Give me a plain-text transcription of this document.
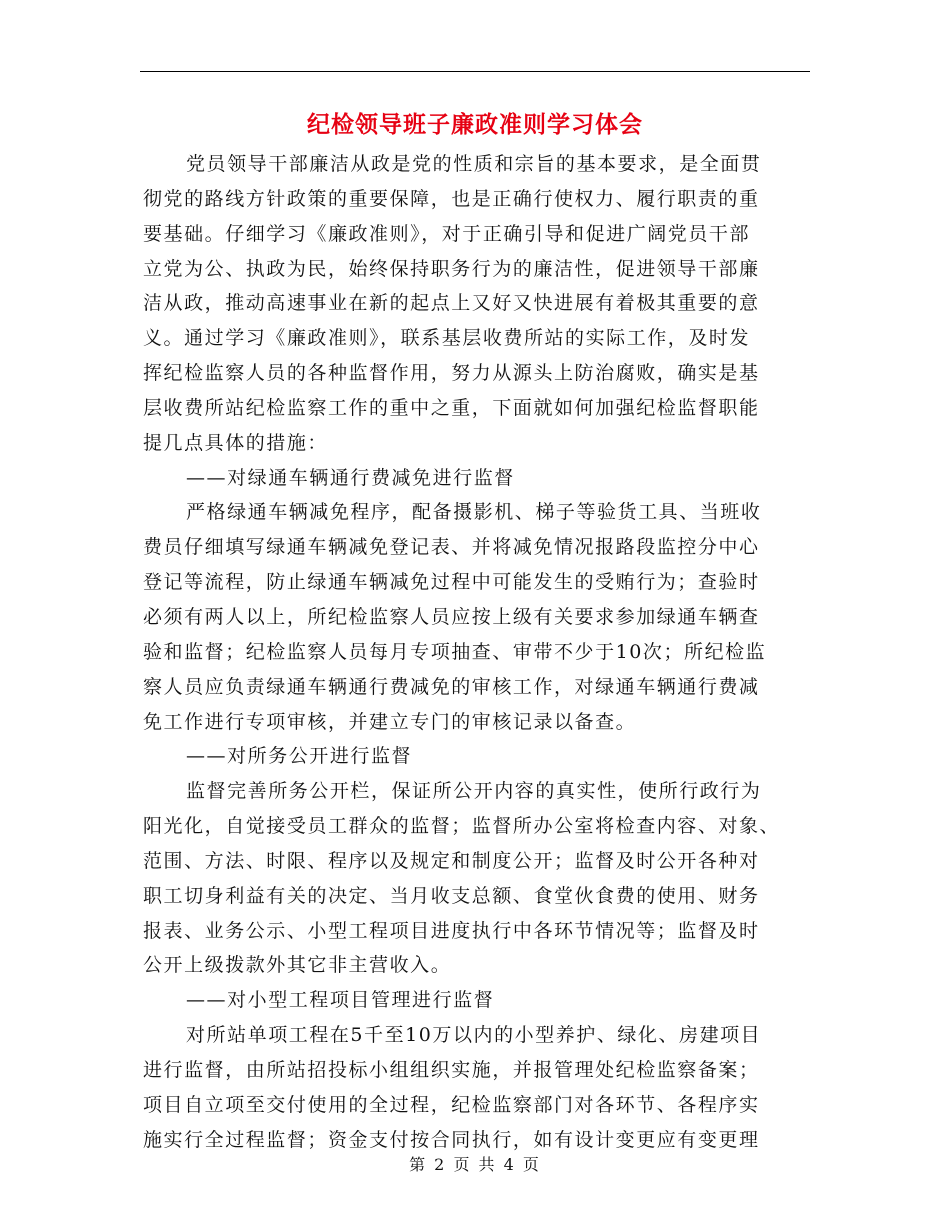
纪检领导班子廉政准则学习体会
党员领导干部廉洁从政是党的性质和宗旨的基本要求，是全面贯
彻党的路线方针政策的重要保障，也是正确行使权力、履行职责的重
要基础。仔细学习《廉政准则》，对于正确引导和促进广阔党员干部
立党为公、执政为民，始终保持职务行为的廉洁性，促进领导干部廉
洁从政，推动高速事业在新的起点上又好又快进展有着极其重要的意
义。通过学习《廉政准则》，联系基层收费所站的实际工作，及时发
挥纪检监察人员的各种监督作用，努力从源头上防治腐败，确实是基
层收费所站纪检监察工作的重中之重，下面就如何加强纪检监督职能
提几点具体的措施：
——对绿通车辆通行费减免进行监督
严格绿通车辆减免程序，配备摄影机、梯子等验货工具、当班收
费员仔细填写绿通车辆减免登记表、并将减免情况报路段监控分中心
登记等流程，防止绿通车辆减免过程中可能发生的受贿行为；查验时
必须有两人以上，所纪检监察人员应按上级有关要求参加绿通车辆查
验和监督；纪检监察人员每月专项抽查、审带不少于10次；所纪检监
察人员应负责绿通车辆通行费减免的审核工作，对绿通车辆通行费减
免工作进行专项审核，并建立专门的审核记录以备查。
——对所务公开进行监督
监督完善所务公开栏，保证所公开内容的真实性，使所行政行为
阳光化，自觉接受员工群众的监督；监督所办公室将检查内容、对象、
范围、方法、时限、程序以及规定和制度公开；监督及时公开各种对
职工切身利益有关的决定、当月收支总额、食堂伙食费的使用、财务
报表、业务公示、小型工程项目进度执行中各环节情况等；监督及时
公开上级拨款外其它非主营收入。
——对小型工程项目管理进行监督
对所站单项工程在5千至10万以内的小型养护、绿化、房建项目
进行监督，由所站招投标小组组织实施，并报管理处纪检监察备案；
项目自立项至交付使用的全过程，纪检监察部门对各环节、各程序实
施实行全过程监督；资金支付按合同执行，如有设计变更应有变更理
第 2 页 共 4 页
